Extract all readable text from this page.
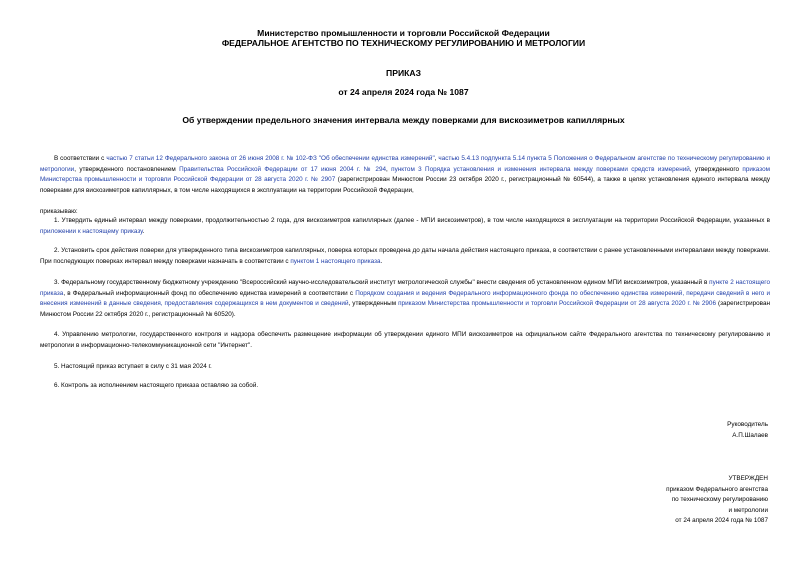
Министерство промышленности и торговли Российской Федерации
ФЕДЕРАЛЬНОЕ АГЕНТСТВО ПО ТЕХНИЧЕСКОМУ РЕГУЛИРОВАНИЮ И МЕТРОЛОГИИ
ПРИКАЗ
от 24 апреля 2024 года № 1087
Об утверждении предельного значения интервала между поверками для вискозиметров капиллярных

В соответствии с частью 7 статьи 12 Федерального закона от 26 июня 2008 г. № 102-ФЗ "Об обеспечении единства измерений", частью 5.4.13 подпункта 5.14 пункта 5 Положения о Федеральном агентстве по техническому регулированию и метрологии, утвержденного постановлением Правительства Российской Федерации от 17 июня 2004 г. № 294, пунктом 3 Порядка установления и изменения интервала между поверками средств измерений, утвержденного приказом Министерства промышленности и торговли Российской Федерации от 28 августа 2020 г. № 2907 (зарегистрирован Минюстом России 23 октября 2020 г., регистрационный № 60544), а также в целях установления единого интервала между поверками для вискозиметров капиллярных, в том числе находящихся в эксплуатации на территории Российской Федерации,

приказываю:

1. Утвердить единый интервал между поверками, продолжительностью 2 года, для вискозиметров капиллярных (далее - МПИ вискозиметров), в том числе находящихся в эксплуатации на территории Российской Федерации, указанных в приложении к настоящему приказу.

2. Установить срок действия поверки для утвержденного типа вискозиметров капиллярных, поверка которых проведена до даты начала действия настоящего приказа, в соответствии с ранее установленными интервалами между поверками. При последующих поверках интервал между поверками назначать в соответствии с пунктом 1 настоящего приказа.

3. Федеральному государственному бюджетному учреждению "Всероссийский научно-исследовательский институт метрологической службы" внести сведения об установленном едином МПИ вискозиметров, указанный в пункте 2 настоящего приказа, в Федеральный информационный фонд по обеспечению единства измерений в соответствии с Порядком создания и ведения Федерального информационного фонда по обеспечению единства измерений, передачи сведений в него и внесения изменений в данные сведения, предоставления содержащихся в нем документов и сведений, утвержденным приказом Министерства промышленности и торговли Российской Федерации от 28 августа 2020 г. № 2906 (зарегистрирован Минюстом России 22 октября 2020 г., регистрационный № 60520).

4. Управлению метрологии, государственного контроля и надзора обеспечить размещение информации об утверждении единого МПИ вискозиметров на официальном сайте Федерального агентства по техническому регулированию и метрологии в информационно-телекоммуникационной сети "Интернет".

5. Настоящий приказ вступает в силу с 31 мая 2024 г.

6. Контроль за исполнением настоящего приказа оставляю за собой.

Руководитель
А.П.Шалаев
УТВЕРЖДЕН
приказом Федерального агентства
по техническому регулированию
и метрологии
от 24 апреля 2024 года № 1087
